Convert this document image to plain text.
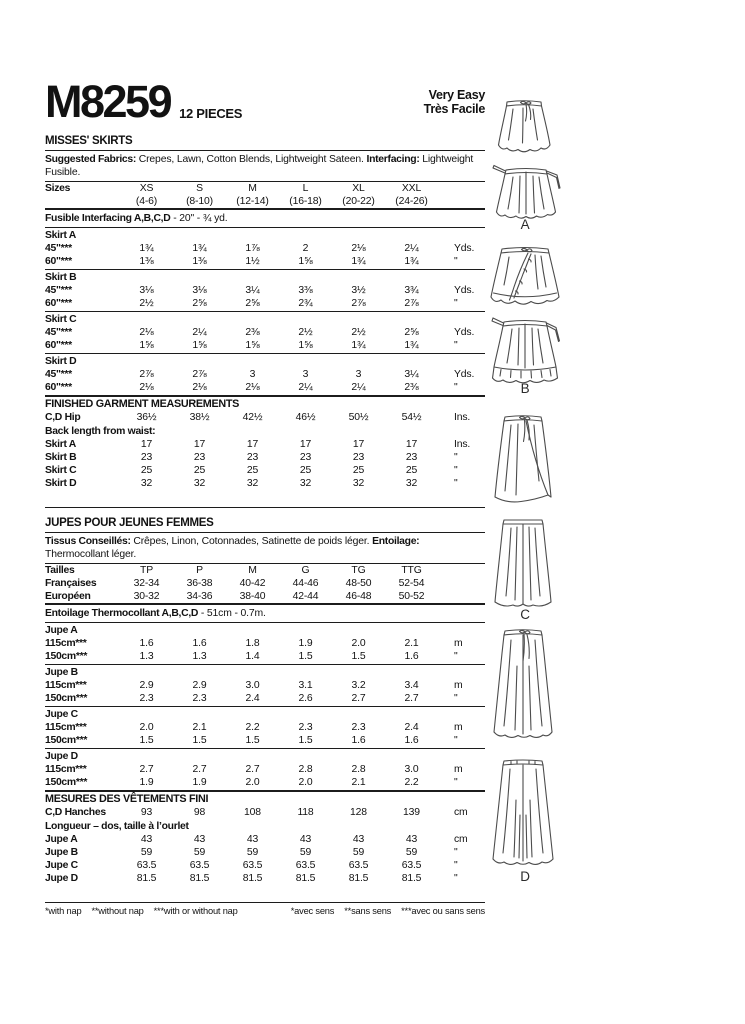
M8259 12 PIECES
Very Easy
Très Facile
MISSES' SKIRTS
Suggested Fabrics: Crepes, Lawn, Cotton Blends, Lightweight Sateen. Interfacing: Lightweight Fusible.
Sizes	XS	S	M	L	XL	XXL
(4-6)	(8-10)	(12-14)	(16-18)	(20-22)	(24-26)
Fusible Interfacing A,B,C,D - 20" - ¾ yd.
Skirt A
45"***	1¾	1¾	1⅞	2	2⅛	2¼	Yds.
60"***	1⅜	1⅜	1½	1⅝	1¾	1¾	"
Skirt B
45"***	3⅛	3⅛	3¼	3⅜	3½	3¾	Yds.
60"***	2½	2⅝	2⅝	2¾	2⅞	2⅞	"
Skirt C
45"***	2⅛	2¼	2⅜	2½	2½	2⅝	Yds.
60"***	1⅝	1⅝	1⅝	1⅝	1¾	1¾	"
Skirt D
45"***	2⅞	2⅞	3	3	3	3¼	Yds.
60"***	2⅛	2⅛	2⅛	2¼	2¼	2⅜	"
FINISHED GARMENT MEASUREMENTS
C,D Hip	36½	38½	42½	46½	50½	54½	Ins.
Back length from waist:
Skirt A	17	17	17	17	17	17	Ins.
Skirt B	23	23	23	23	23	23	"
Skirt C	25	25	25	25	25	25	"
Skirt D	32	32	32	32	32	32	"
JUPES POUR JEUNES FEMMES
Tissus Conseillés: Crêpes, Linon, Cotonnades, Satinette de poids léger. Entoilage: Thermocollant léger.
Tailles	TP	P	M	G	TG	TTG
Françaises	32-34	36-38	40-42	44-46	48-50	52-54
Européen	30-32	34-36	38-40	42-44	46-48	50-52
Entoilage Thermocollant A,B,C,D - 51cm - 0.7m.
Jupe A
115cm***	1.6	1.6	1.8	1.9	2.0	2.1	m
150cm***	1.3	1.3	1.4	1.5	1.5	1.6	"
Jupe B
115cm***	2.9	2.9	3.0	3.1	3.2	3.4	m
150cm***	2.3	2.3	2.4	2.6	2.7	2.7	"
Jupe C
115cm***	2.0	2.1	2.2	2.3	2.3	2.4	m
150cm***	1.5	1.5	1.5	1.5	1.6	1.6	"
Jupe D
115cm***	2.7	2.7	2.7	2.8	2.8	3.0	m
150cm***	1.9	1.9	2.0	2.0	2.1	2.2	"
MESURES DES VÊTEMENTS FINI
C,D Hanches	93	98	108	118	128	139	cm
Longueur – dos, taille à l’ourlet
Jupe A	43	43	43	43	43	43	cm
Jupe B	59	59	59	59	59	59	"
Jupe C	63.5	63.5	63.5	63.5	63.5	63.5	"
Jupe D	81.5	81.5	81.5	81.5	81.5	81.5	"
*with nap **without nap ***with or without nap	*avec sens **sans sens ***avec ou sans sens
A
B
C
D
